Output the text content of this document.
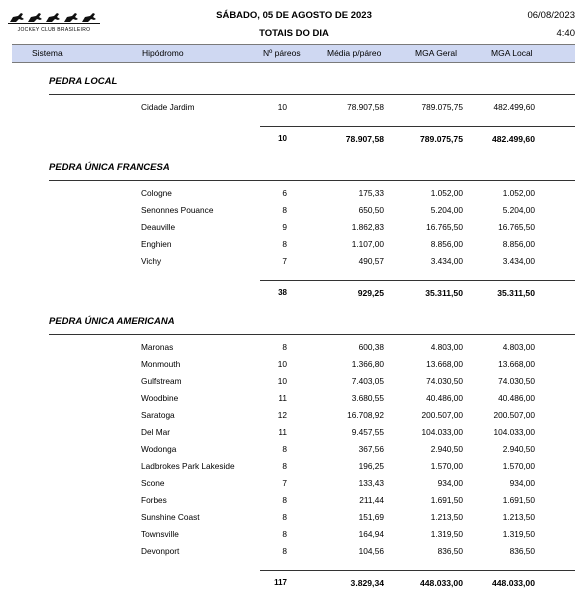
JOCKEY CLUB BRASILEIRO
SÁBADO, 05 DE AGOSTO DE 2023
TOTAIS DO DIA
06/08/2023
4:40
Sistema	Hipódromo	Nº páreos	Média p/páreo	MGA Geral	MGA Local
PEDRA LOCAL
Cidade Jardim	10	78.907,58	789.075,75	482.499,60
10	78.907,58	789.075,75	482.499,60
PEDRA ÚNICA FRANCESA
Cologne	6	175,33	1.052,00	1.052,00
Senonnes Pouance	8	650,50	5.204,00	5.204,00
Deauville	9	1.862,83	16.765,50	16.765,50
Enghien	8	1.107,00	8.856,00	8.856,00
Vichy	7	490,57	3.434,00	3.434,00
38	929,25	35.311,50	35.311,50
PEDRA ÚNICA AMERICANA
Maronas	8	600,38	4.803,00	4.803,00
Monmouth	10	1.366,80	13.668,00	13.668,00
Gulfstream	10	7.403,05	74.030,50	74.030,50
Woodbine	11	3.680,55	40.486,00	40.486,00
Saratoga	12	16.708,92	200.507,00	200.507,00
Del Mar	11	9.457,55	104.033,00	104.033,00
Wodonga	8	367,56	2.940,50	2.940,50
Ladbrokes Park Lakeside	8	196,25	1.570,00	1.570,00
Scone	7	133,43	934,00	934,00
Forbes	8	211,44	1.691,50	1.691,50
Sunshine Coast	8	151,69	1.213,50	1.213,50
Townsville	8	164,94	1.319,50	1.319,50
Devonport	8	104,56	836,50	836,50
117	3.829,34	448.033,00	448.033,00
